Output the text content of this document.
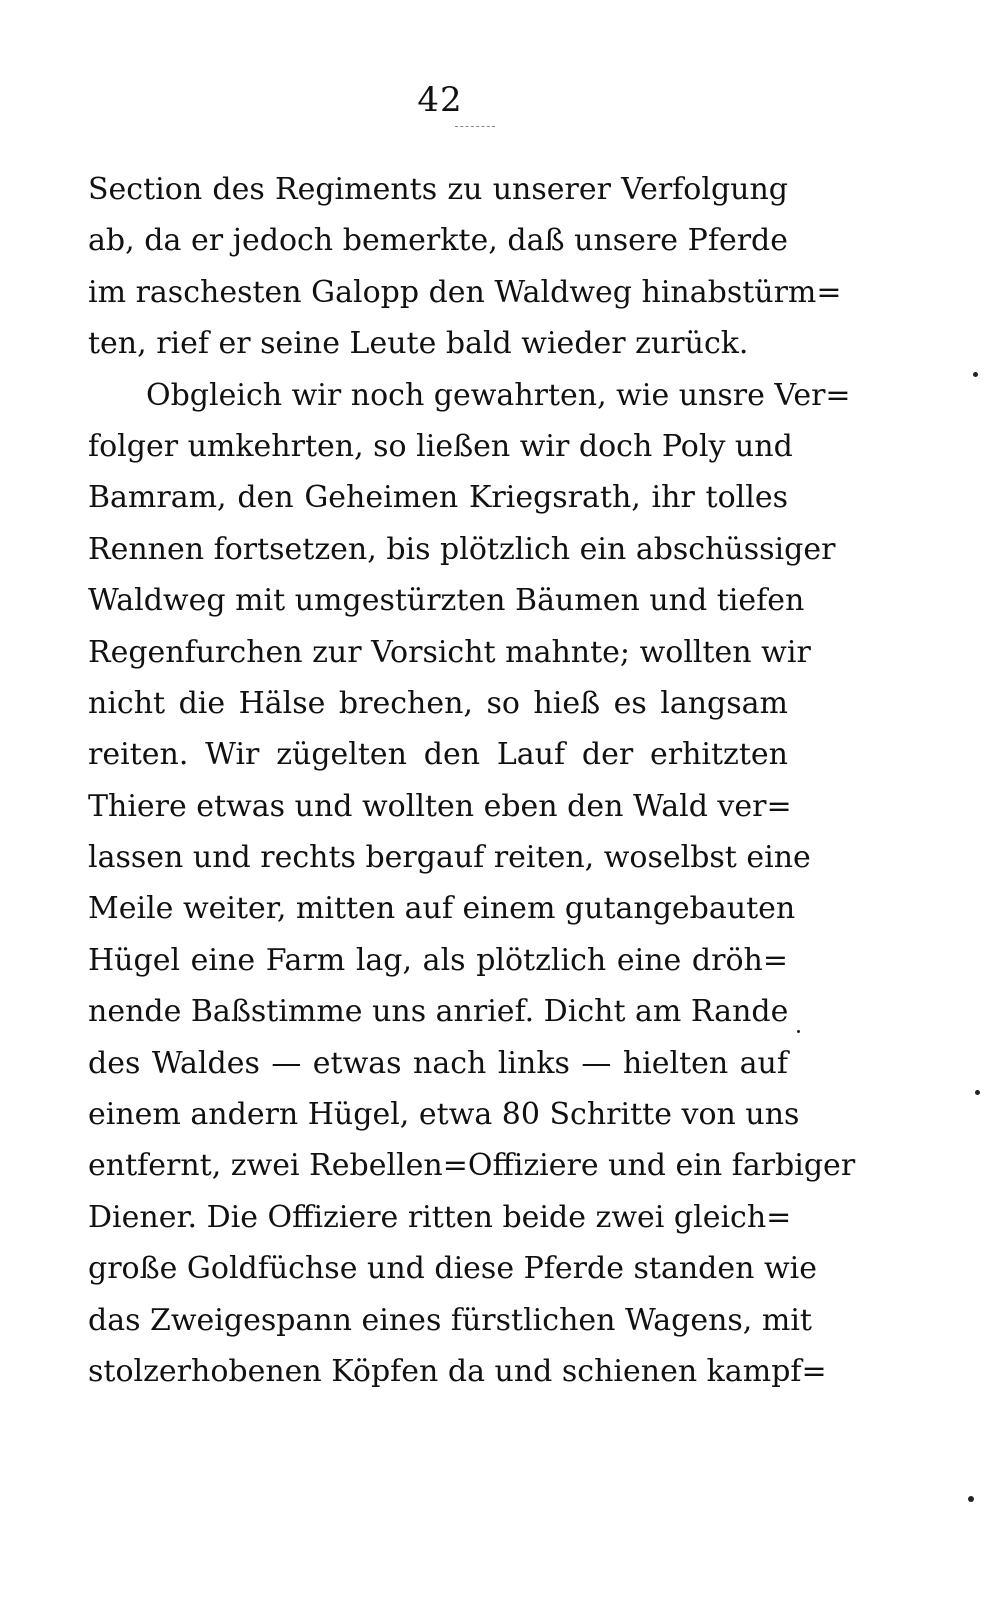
42
Section des Regiments zu unserer Verfolgung
ab, da er jedoch bemerkte, daß unsere Pferde
im raschesten Galopp den Waldweg hinabstürm=
ten, rief er seine Leute bald wieder zurück.
Obgleich wir noch gewahrten, wie unsre Ver=
folger umkehrten, so ließen wir doch Poly und
Bamram, den Geheimen Kriegsrath, ihr tolles
Rennen fortsetzen, bis plötzlich ein abschüssiger
Waldweg mit umgestürzten Bäumen und tiefen
Regenfurchen zur Vorsicht mahnte; wollten wir
nicht die Hälse brechen, so hieß es langsam
reiten. Wir zügelten den Lauf der erhitzten
Thiere etwas und wollten eben den Wald ver=
lassen und rechts bergauf reiten, woselbst eine
Meile weiter, mitten auf einem gutangebauten
Hügel eine Farm lag, als plötzlich eine dröh=
nende Baßstimme uns anrief. Dicht am Rande
des Waldes — etwas nach links — hielten auf
einem andern Hügel, etwa 80 Schritte von uns
entfernt, zwei Rebellen=Offiziere und ein farbiger
Diener. Die Offiziere ritten beide zwei gleich=
große Goldfüchse und diese Pferde standen wie
das Zweigespann eines fürstlichen Wagens, mit
stolzerhobenen Köpfen da und schienen kampf=
